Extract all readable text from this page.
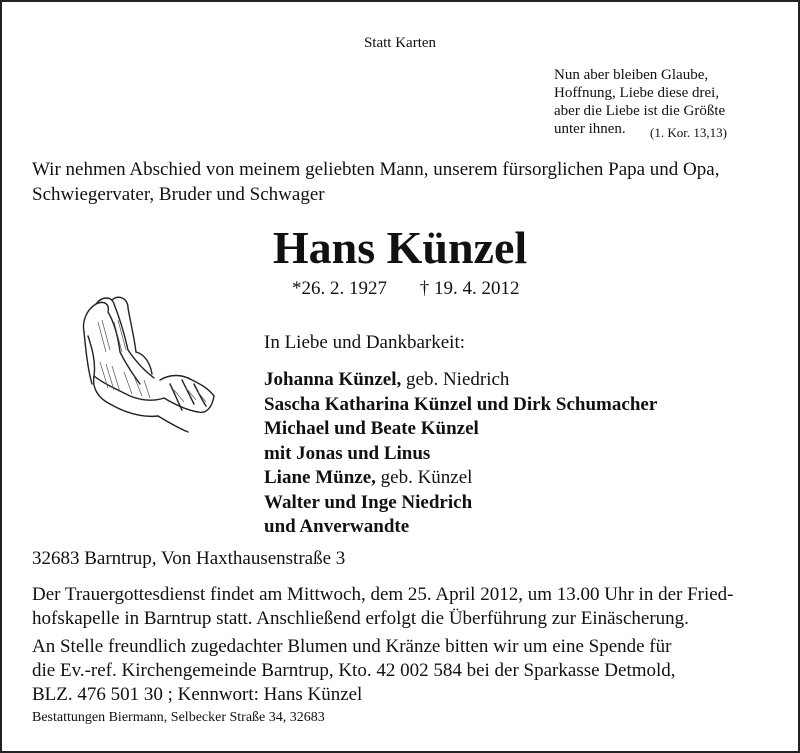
Statt Karten
Nun aber bleiben Glaube,
Hoffnung, Liebe diese drei,
aber die Liebe ist die Größte
unter ihnen.	(1. Kor. 13,13)
Wir nehmen Abschied von meinem geliebten Mann, unserem fürsorglichen Papa und Opa,
Schwiegervater, Bruder und Schwager
Hans Künzel
*26. 2. 1927 † 19. 4. 2012
In Liebe und Dankbarkeit:
Johanna Künzel, geb. Niedrich
Sascha Katharina Künzel und Dirk Schumacher
Michael und Beate Künzel
mit Jonas und Linus
Liane Münze, geb. Künzel
Walter und Inge Niedrich
und Anverwandte
32683 Barntrup, Von Haxthausenstraße 3
Der Trauergottesdienst findet am Mittwoch, dem 25. April 2012, um 13.00 Uhr in der Fried-
hofskapelle in Barntrup statt. Anschließend erfolgt die Überführung zur Einäscherung.
An Stelle freundlich zugedachter Blumen und Kränze bitten wir um eine Spende für
die Ev.-ref. Kirchengemeinde Barntrup, Kto. 42 002 584 bei der Sparkasse Detmold,
BLZ. 476 501 30 ; Kennwort: Hans Künzel
Bestattungen Biermann, Selbecker Straße 34, 32683
